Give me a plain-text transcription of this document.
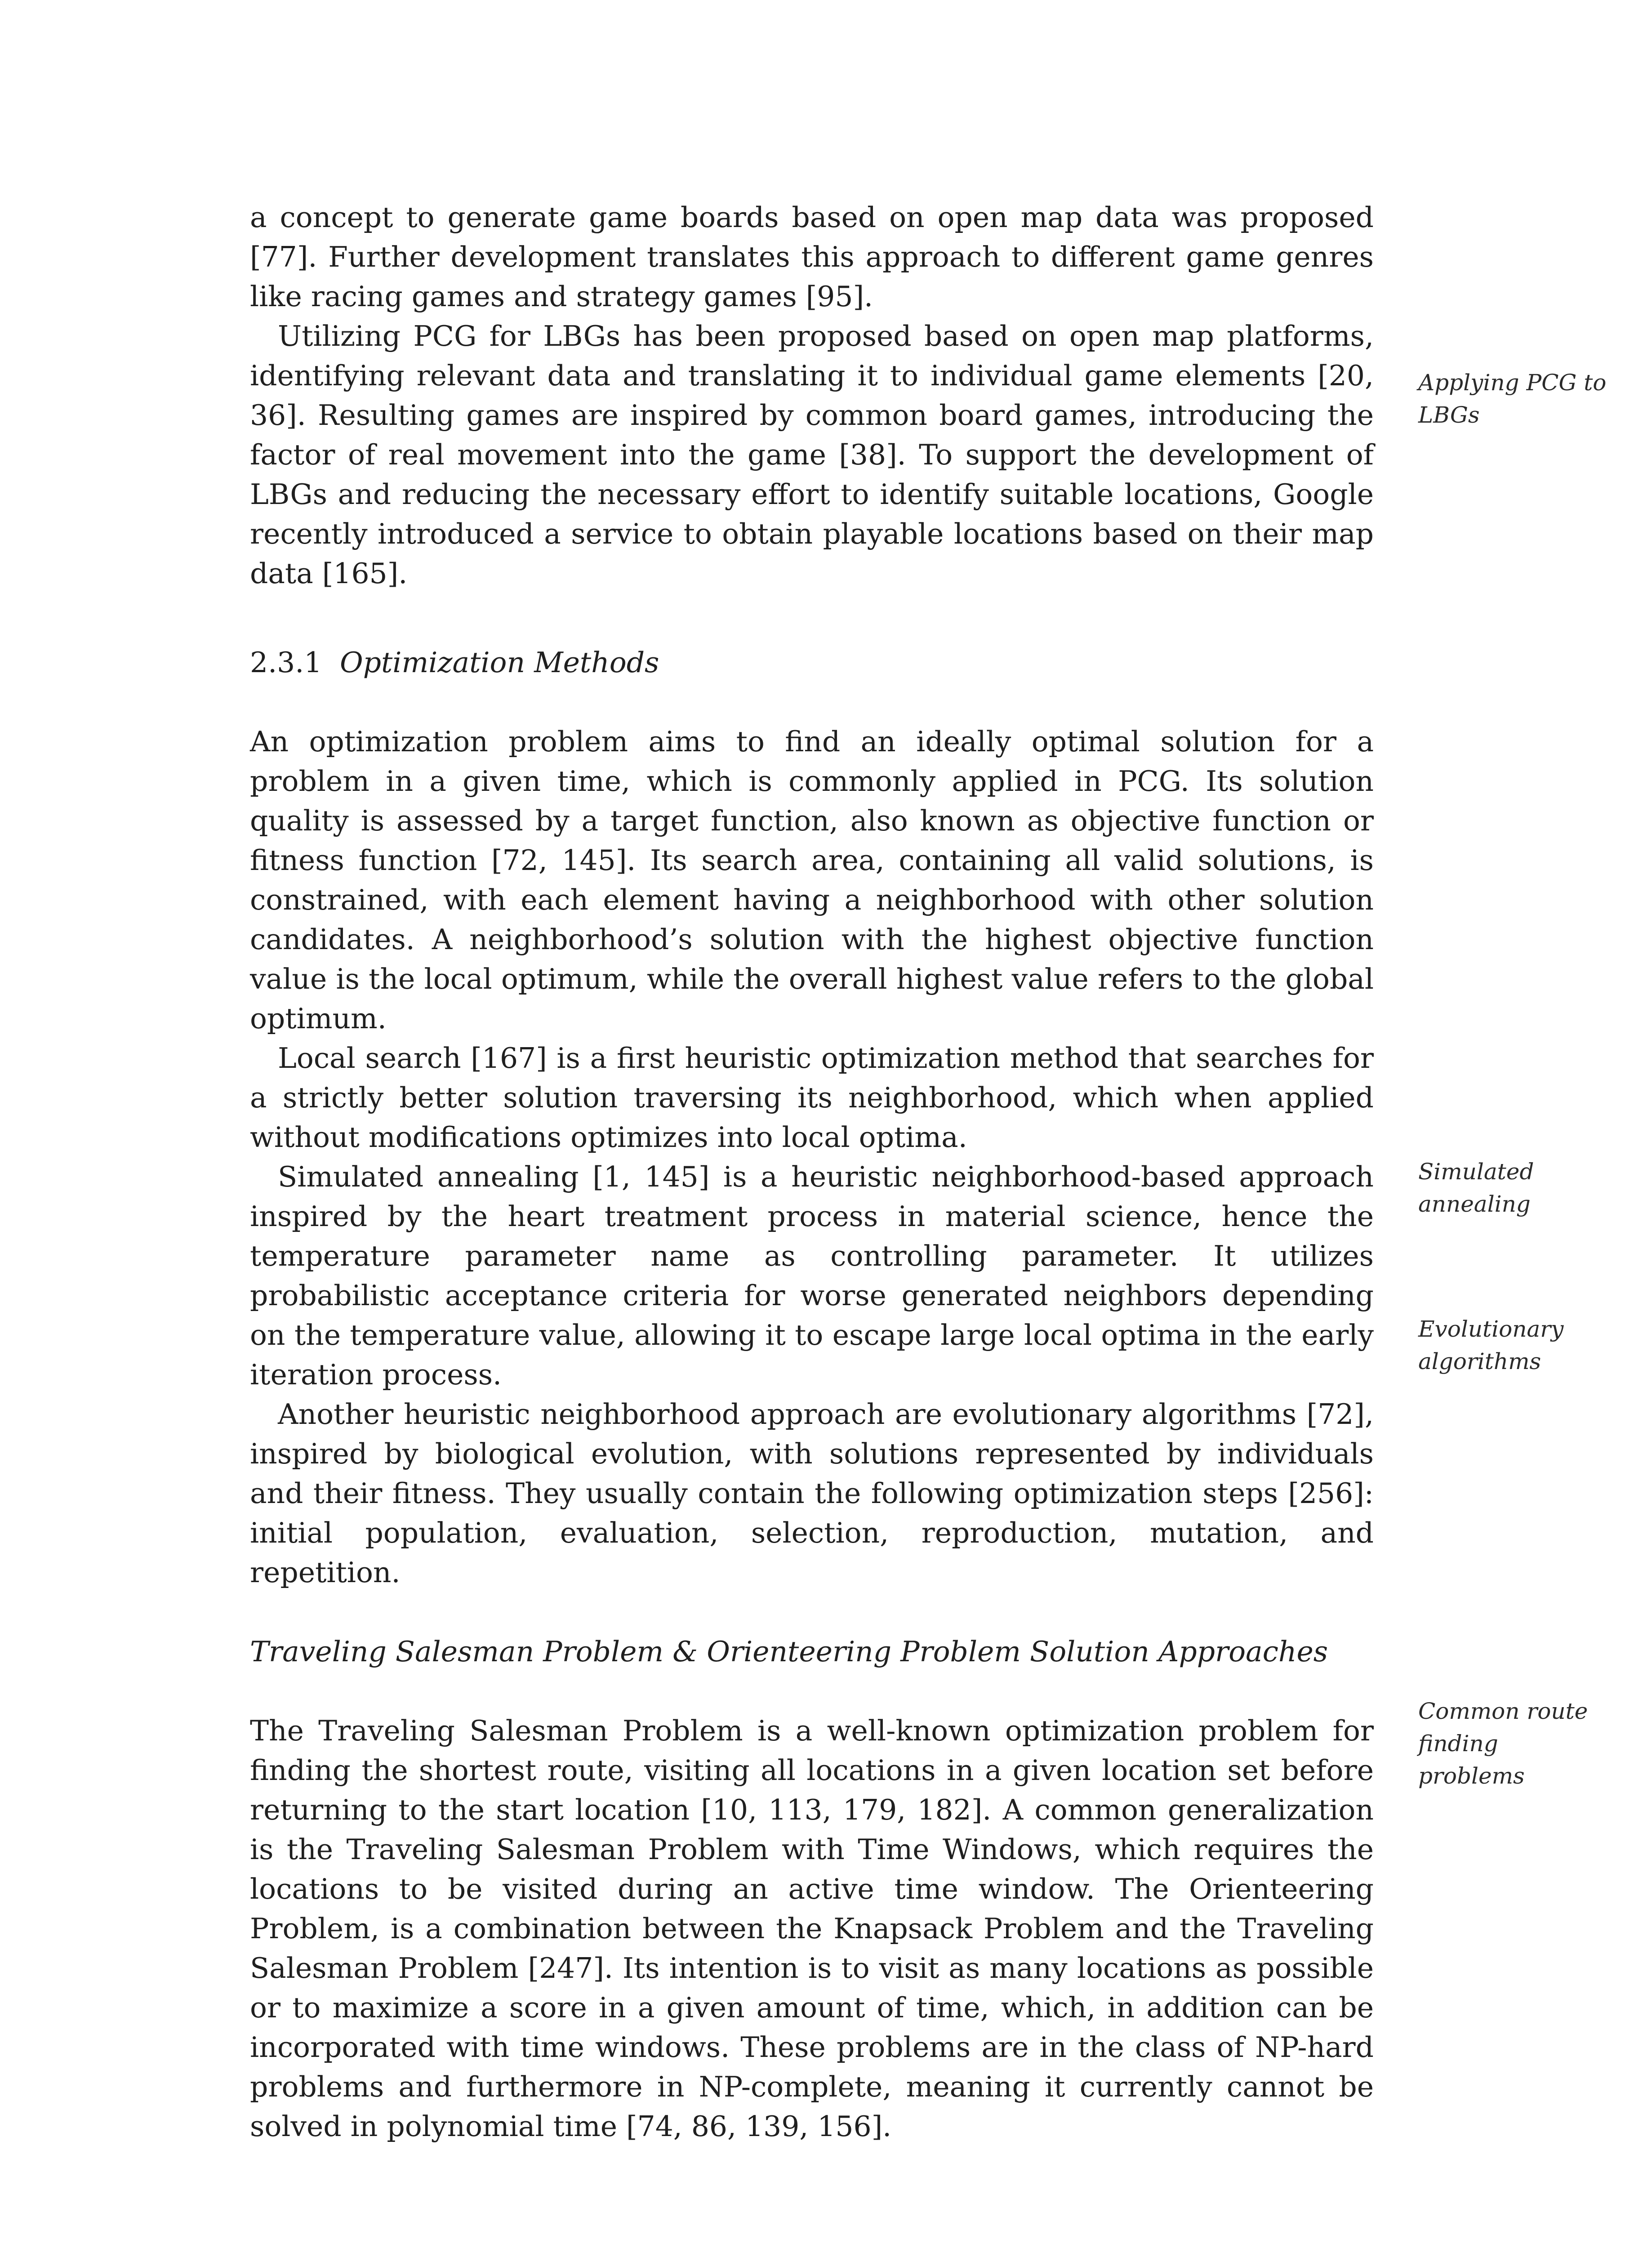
a concept to generate game boards based on open map data was proposed [77]. Further development translates this approach to different game genres like racing games and strategy games [95].

Utilizing PCG for LBGs has been proposed based on open map platforms, identifying relevant data and translating it to individual game elements [20, 36]. Resulting games are inspired by common board games, introducing the factor of real movement into the game [38]. To support the development of LBGs and reducing the necessary effort to identify suitable locations, Google recently introduced a service to obtain playable locations based on their map data [165].

2.3.1 Optimization Methods

An optimization problem aims to find an ideally optimal solution for a problem in a given time, which is commonly applied in PCG. Its solution quality is assessed by a target function, also known as objective function or fitness function [72, 145]. Its search area, containing all valid solutions, is constrained, with each element having a neighborhood with other solution candidates. A neighborhood’s solution with the highest objective function value is the local optimum, while the overall highest value refers to the global optimum.

Local search [167] is a first heuristic optimization method that searches for a strictly better solution traversing its neighborhood, which when applied without modifications optimizes into local optima.

Simulated annealing [1, 145] is a heuristic neighborhood-based approach inspired by the heart treatment process in material science, hence the temperature parameter name as controlling parameter. It utilizes probabilistic acceptance criteria for worse generated neighbors depending on the temperature value, allowing it to escape large local optima in the early iteration process.

Another heuristic neighborhood approach are evolutionary algorithms [72], inspired by biological evolution, with solutions represented by individuals and their fitness. They usually contain the following optimization steps [256]: initial population, evaluation, selection, reproduction, mutation, and repetition.

Traveling Salesman Problem & Orienteering Problem Solution Approaches

The Traveling Salesman Problem is a well-known optimization problem for finding the shortest route, visiting all locations in a given location set before returning to the start location [10, 113, 179, 182]. A common generalization is the Traveling Salesman Problem with Time Windows, which requires the locations to be visited during an active time window. The Orienteering Problem, is a combination between the Knapsack Problem and the Traveling Salesman Problem [247]. Its intention is to visit as many locations as possible or to maximize a score in a given amount of time, which, in addition can be incorporated with time windows. These problems are in the class of NP-hard problems and furthermore in NP-complete, meaning it currently cannot be solved in polynomial time [74, 86, 139, 156].

Applying PCG to LBGs

Simulated annealing

Evolutionary algorithms

Common route finding problems
